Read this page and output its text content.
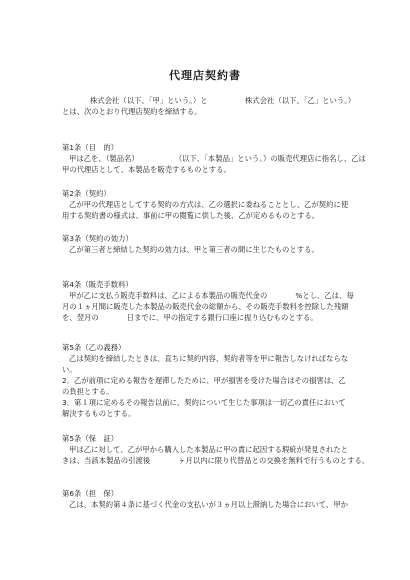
代理店契約書
株式会社（以下、「甲」という。）と	株式会社（以下、「乙」という。）
とは、次のとおり代理店契約を締結する。
第1条（目　的）
甲は乙を、（製品名）	（以下、「本製品」という。）の販売代理店に指名し、乙は
甲の代理店として、本製品を販売するものとする。
第2条（契約）
乙が甲の代理店としてする契約の方式は、乙の選択に委ねることとし、乙が契約に使
用する契約書の様式は、事前に甲の閲覧に供した後、乙が定めるものとする。
第3条（契約の効力）
乙が第三者と締結した契約の効力は、甲と第三者の間に生じたものとする。
第4条（販売手数料）
甲が乙に支払う販売手数料は、乙による本製品の販売代金の	%とし、乙は、毎
月の１ヵ月間に販売した本製品の販売代金の総額から、その販売手数料を控除した残額
を、翌月の	日までに、甲の指定する銀行口座に振り込むものとする。
第5条（乙の義務）
乙は契約を締結したときは、直ちに契約内容、契約者等を甲に報告しなければならな
い。
2．乙が前項に定める報告を遅滞したために、甲が損害を受けた場合はその損害は、乙
の負担とする。
3．第１項に定めるその報告以前に、契約について生じた事項は一切乙の責任において
解決するものとする。
第5条（保　証）
甲は乙に対して、乙が甲から購入した本製品に甲の責に起因する瑕疵が発見されたと
きは、当該本製品の引渡後	ヶ月以内に限り代替品との交換を無料で行うものとする。
第6条（担　保）
乙は、本契約第４条に基づく代金の支払いが３ヵ月以上滞納した場合において、甲か
